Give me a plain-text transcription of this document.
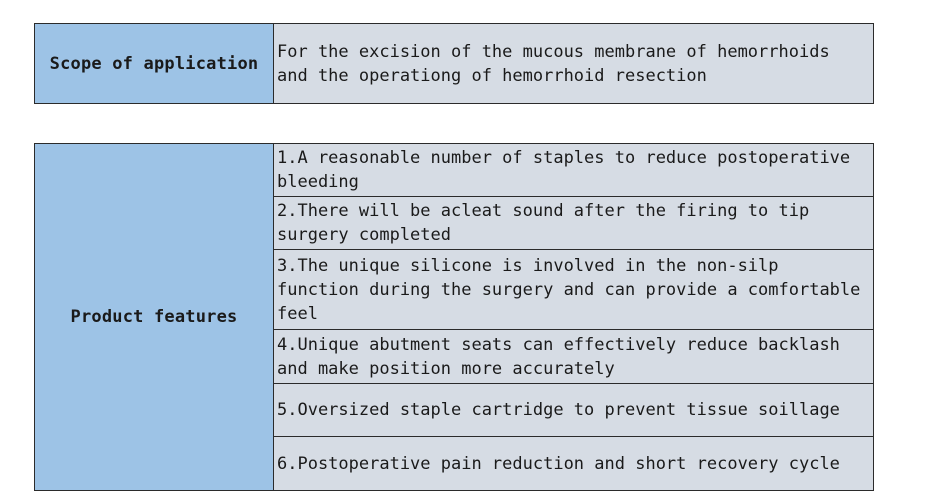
Scope of application
For the excision of the mucous membrane of hemorrhoids and the operationg of hemorrhoid resection
Product features
1.A reasonable number of staples to reduce postoperative bleeding
2.There will be acleat sound after the firing to tip surgery completed
3.The unique silicone is involved in the non-silp function during the surgery and can provide a comfortable feel
4.Unique abutment seats can effectively reduce backlash and make position more accurately
5.Oversized staple cartridge to prevent tissue soillage
6.Postoperative pain reduction and short recovery cycle
